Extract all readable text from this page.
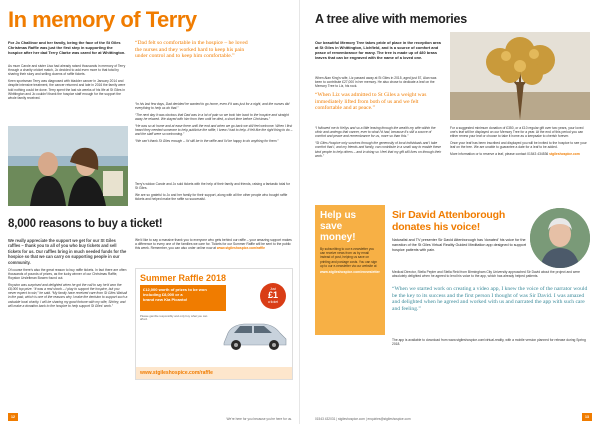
In memory of Terry
For Jo Challinor and her family, being the face of the St Giles Christmas Raffle was just the first step in supporting the hospice after her dad Terry Clarke was cared for at Whittington.

As mum Carole and sister Lisa had already raised thousands in memory of Terry through a charity cricket match, Jo decided to add even more to that total by sharing their story and selling dozens of raffle tickets.

Keen sportsman Terry was diagnosed with bladder cancer in January 2014 and despite intensive treatment, the cancer returned and late in 2016 the family were told nothing could be done. Terry spent the last six weeks of his life at St Giles in Whittington and Jo couldn't thank the hospice staff enough for the support the whole family received.

“Dad felt so comfortable in the hospice – he loved the nurses and they worked hard to keep his pain under control and to keep him comfortable.”

“In his last few days, Dad decided he wanted to go home, even if it was just for a night, and the nurses did everything to help us do that.”

“The next day it was obvious that Dad was in a lot of pain so we took him back to the hospice and straight away he relaxed. We stayed with him from then until he died, a short time before Christmas.”

“He was so at home and at ease there until the end and when we go back we still feel welcome. When I first heard they needed someone to help publicise the raffle, I knew I had to help. It felt like the right thing to do – and the staff were so welcoming.”

“We can't thank St Giles enough – I'd still be in the raffle and I'd be happy to do anything for them.”

Terry's widow Carole and Jo sold tickets with the help of their family and friends, raising a fantastic total for St Giles.

We are so grateful to Jo and her family for their support, along with all the other people who bought raffle tickets and helped make the raffle so successful.

8,000 reasons to buy a ticket!

We really appreciate the support we get for our St Giles raffles – thank you to all of you who buy tickets and sell tickets for us. Our raffles bring in much needed funds for the hospice so that we can carry on supporting people in our community.

Of course there's also the great reason to buy raffle tickets. In fact there are often thousands of pounds of prizes, as the lucky winner of our Christmas Raffle, Royston Ursleltman Bowen found out.

Royston was surprised and delighted when he got the call to say he'd won the £8,000 top prize. “It was a real shock – I play to support the hospice, but you never expect to win,” he said. “My family have received care from St Giles Walsall in the past, which is one of the reasons why I make the decision to support such a valuable local charity. I will be sharing my good fortune with my wife, Shirley, and will make a donation back to the hospice to help support St Giles' work.”

We'd like to say a massive thank you to everyone who gets behind our raffle – your amazing support makes a difference to every one of the families we care for. Tickets for our Summer Raffle will be sent to the public this week. Remember, you can also order online now at www.stgileshospice.com/raffle
Summer Raffle 2018
£12,000 worth of prizes to be won
including £8,000 or a
brand new Kia Picanto!
Please gamble responsibly and only buy what you can afford.
Just
£1
a ticket
www.stgileshospice.com/raffle
12	We're here for you because you're here for us.
A tree alive with memories
Our beautiful Memory Tree takes pride of place in the reception area at St Giles in Whittington, Lichfield, and is a source of comfort and peace of remembrance for many. The tree is made up of 480 brass leaves that can be engraved with the name of a loved one.
When Alan King's wife, Liz passed away at St Giles in 2015, aged just 57, Alan was keen to contribute £27,000 in her memory. He also chose to dedicate a leaf on the Memory Tree to Liz, his rock.
“When Liz was admitted to St Giles a weight was immediately lifted from both of us and we felt comfortable and at peace.”

“I followed me to Kellys and so a little leaving through the wealth my wife within the clinic and undergo that cancer, ever to what I'd had, because it's still a source of comfort and peace and remembrance for us, more so than this.”

“St Giles Hospice only survives through the generosity of local individuals and I take comfort that I, and my friends and family, can contribute in a small way to enable these kind people to help others – and in doing so I feel that my gift still lives on through their work.”

For a suggested minimum donation of £350, or a £10 regular gift over two years, your loved one's leaf will be displayed on our Memory Tree for a year. At the end of this period you can either renew your leaf or choose to take it home as a keepsake to cherish forever.

Once your leaf has been inscribed and displayed you will be invited to the hospice to see your leaf on the tree. We are unable to guarantee a date for a leaf to be added.

More information or to reserve a leaf, please contact 01543 434536 stgileshospice.com

Help us
save money!
By subscribing to our e-newsletter you can receive news from us by email instead of post, helping us save on printing and postage costs. You can sign up to our e-newsletter via our website at
www.stgileshospice.com/enewsletter
Sir David Attenborough donates his voice!
Naturalist and TV presenter Sir David Attenborough has 'donated' his voice for the narration of the St Giles Virtual Reality Guided Meditation app designed to support hospice patients with pain.
Medical Director, Stella Pepler and Stella Reid from Birmingham City University approached Sir David about the project and were absolutely delighted when he agreed to lend his voice to the app, which has already helped patients.
“When we started work on creating a video app, I knew the voice of the narrator would be the key to its success and the first person I thought of was Sir David. I was amazed and delighted when he agreed and worked with us and narrated the app with such care and feeling.”
The app is available to download from www.stgileshospice.com/virtual-reality, with a mobile version planned for release during Spring 2018.
01543 432031 | stgileshospice.com | enquiries@stgileshospice.com	13
